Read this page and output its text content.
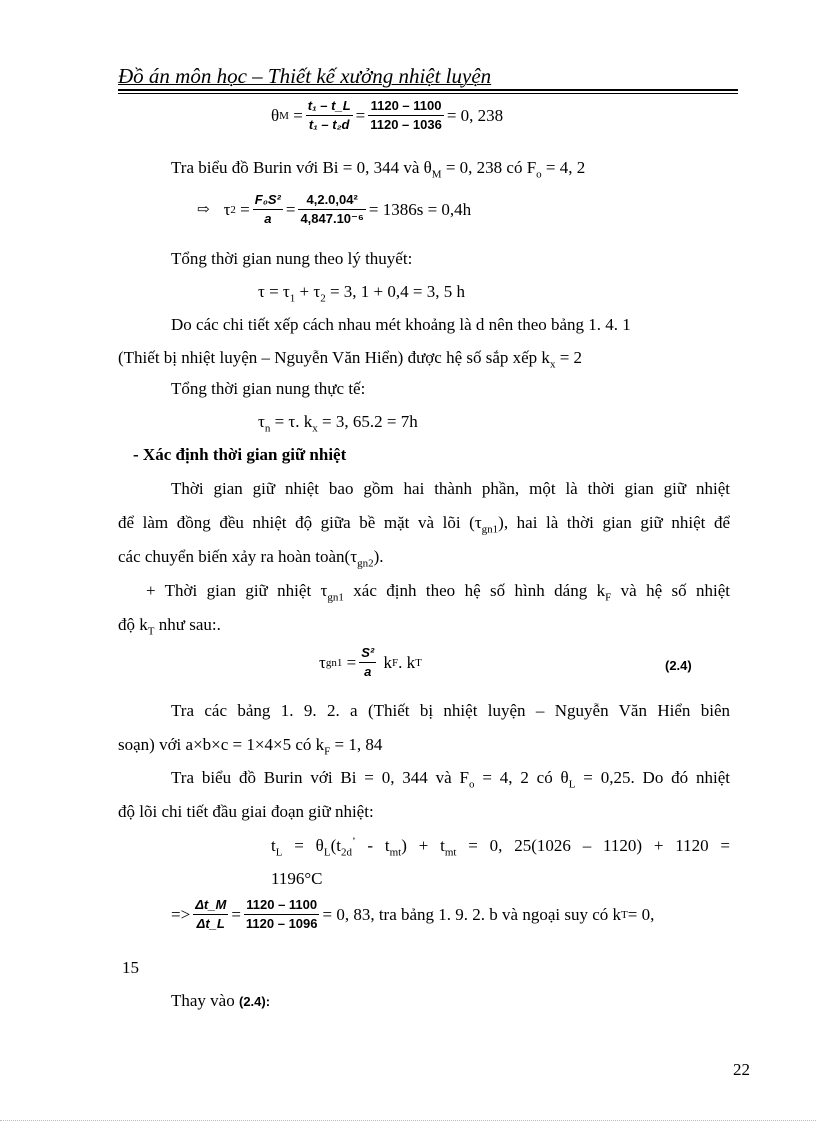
Đồ án môn học – Thiết kế xưởng nhiệt luyện
θ $M = \frac{\text{t₁ – t\_L}}{\text{t₁ – t₂d}} = \frac{1120 - 1100}{1120 - 1036} = 0$, 238
Tra biểu đồ Burin với Bi = 0, 344 và $\theta_M = 0$, 238 có $F_o = 4$, 2
⇨ τ $2 = \frac{\text{F₀S²}}{a} = \frac{\text{4,2.0,04²}}{\text{4,847.10⁻⁶}} = 1386s = 0,4h$
Tổng thời gian nung theo lý thuyết:
$\tau = \tau_1 + \tau_2 = 3$, 1 + 0,4 = 3, 5 h
Do các chi tiết xếp cách nhau mét khoảng là d nên theo bảng 1. 4. 1
(Thiết bị nhiệt luyện – Nguyễn Văn Hiển) được hệ số sắp xếp $k_x = 2$
Tổng thời gian nung thực tế:
$\tau_n = \tau$. $k_x = 3$, 65.2 = 7h
- Xác định thời gian giữ nhiệt
Thời gian giữ nhiệt bao gồm hai thành phần, một là thời gian giữ nhiệt
để làm đồng đều nhiệt độ giữa bề mặt và lõi $(\tau_{gn1})$, hai là thời gian giữ nhiệt để
các chuyển biến xảy ra hoàn $toàn(\tau_{gn2})$.
+ Thời gian giữ nhiệt $\tau_{gn1}$ xác định theo hệ số hình dáng $k_F$ và hệ số nhiệt
độ $k_T$ như sau:.
τ $gn1 = \frac{\text{S²}}{a}$
k F . k T	(2.4)
Tra các bảng 1. 9. 2. a (Thiết bị nhiệt luyện – Nguyễn Văn Hiển biên
soạn) với a×b×c = 1×4×5 có $k_F = 1$, 84
Tra biểu đồ Burin với Bi = 0, 344 và $F_o = 4$, 2 có $\theta_L = 0,25$. Do đó nhiệt
độ lõi chi tiết đầu giai đoạn giữ nhiệt:
$t_L = \theta_L(t_{2d}^’ - t_{mt}) + t_{mt} = 0$, 25(1026 – 1120) + 1120 =
1196°C
=> $\frac{\Delta t\_M}{\Delta t\_L} = \frac{1120 - 1100}{1120 - 1096} = 0$, 83, tra bảng 1. 9. 2. b và ngoại suy có k T = 0,
15
Thay vào (2.4):
22
